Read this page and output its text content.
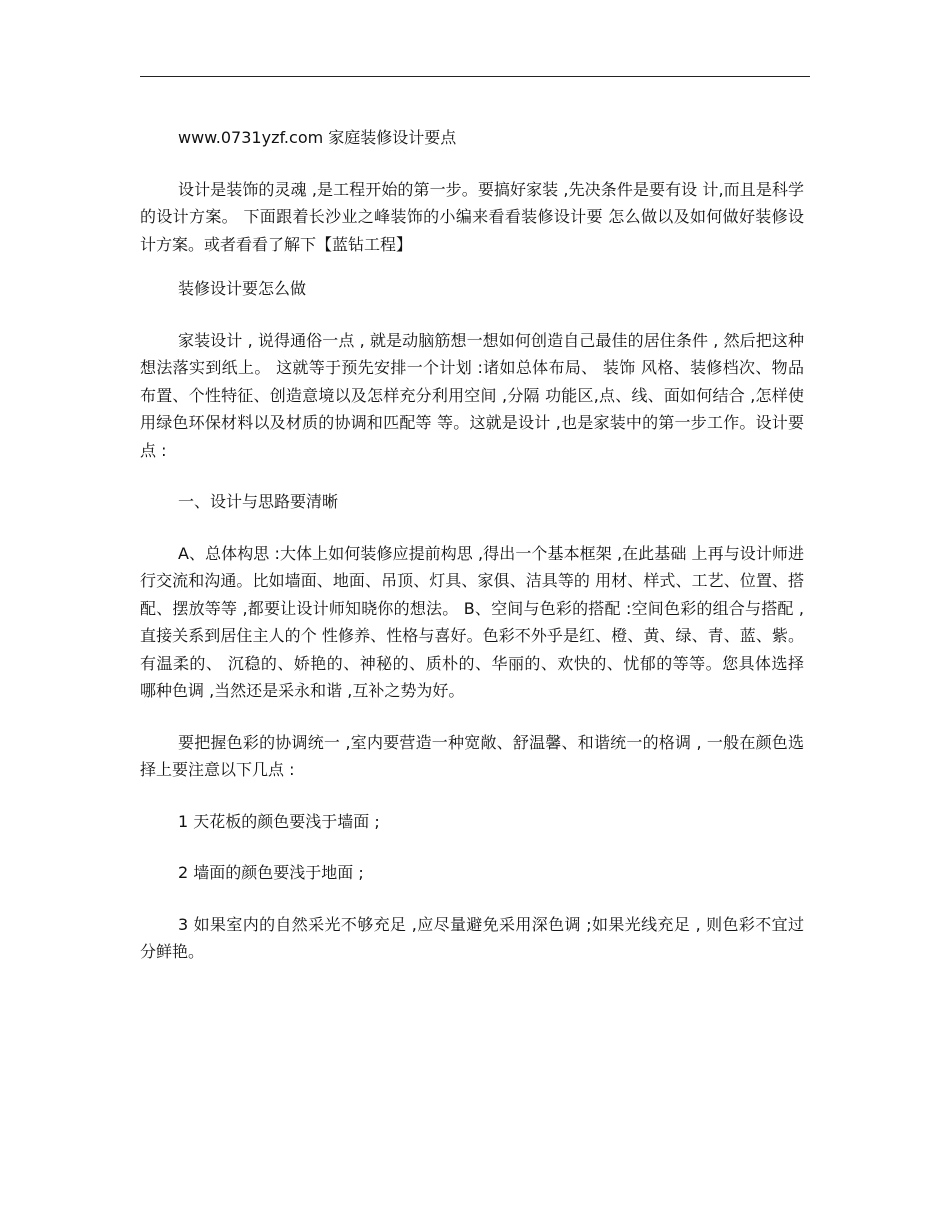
www.0731yzf.com 家庭装修设计要点

设计是装饰的灵魂 ,是工程开始的第一步。要搞好家装 ,先决条件是要有设 计,而且是科学的设计方案。 下面跟着长沙业之峰装饰的小编来看看装修设计要 怎么做以及如何做好装修设计方案。或者看看了解下【蓝钻工程】

装修设计要怎么做

家装设计 , 说得通俗一点 , 就是动脑筋想一想如何创造自己最佳的居住条件 , 然后把这种想法落实到纸上。 这就等于预先安排一个计划 :诸如总体布局、 装饰 风格、装修档次、物品布置、个性特征、创造意境以及怎样充分利用空间 ,分隔 功能区,点、线、面如何结合 ,怎样使用绿色环保材料以及材质的协调和匹配等 等。这就是设计 ,也是家装中的第一步工作。设计要点 :

一、设计与思路要清晰

A、总体构思 :大体上如何装修应提前构思 ,得出一个基本框架 ,在此基础 上再与设计师进行交流和沟通。比如墙面、地面、吊顶、灯具、家俱、洁具等的 用材、样式、工艺、位置、搭配、摆放等等 ,都要让设计师知晓你的想法。 B、空间与色彩的搭配 :空间色彩的组合与搭配 ,直接关系到居住主人的个 性修养、性格与喜好。色彩不外乎是红、橙、黄、绿、青、蓝、紫。有温柔的、 沉稳的、娇艳的、神秘的、质朴的、华丽的、欢快的、忧郁的等等。您具体选择 哪种色调 ,当然还是采永和谐 ,互补之势为好。

要把握色彩的协调统一 ,室内要营造一种宽敞、舒温馨、和谐统一的格调 , 一般在颜色选择上要注意以下几点 :

1 天花板的颜色要浅于墙面 ;

2 墙面的颜色要浅于地面 ;

3 如果室内的自然采光不够充足 ,应尽量避免采用深色调 ;如果光线充足 , 则色彩不宜过分鲜艳。
